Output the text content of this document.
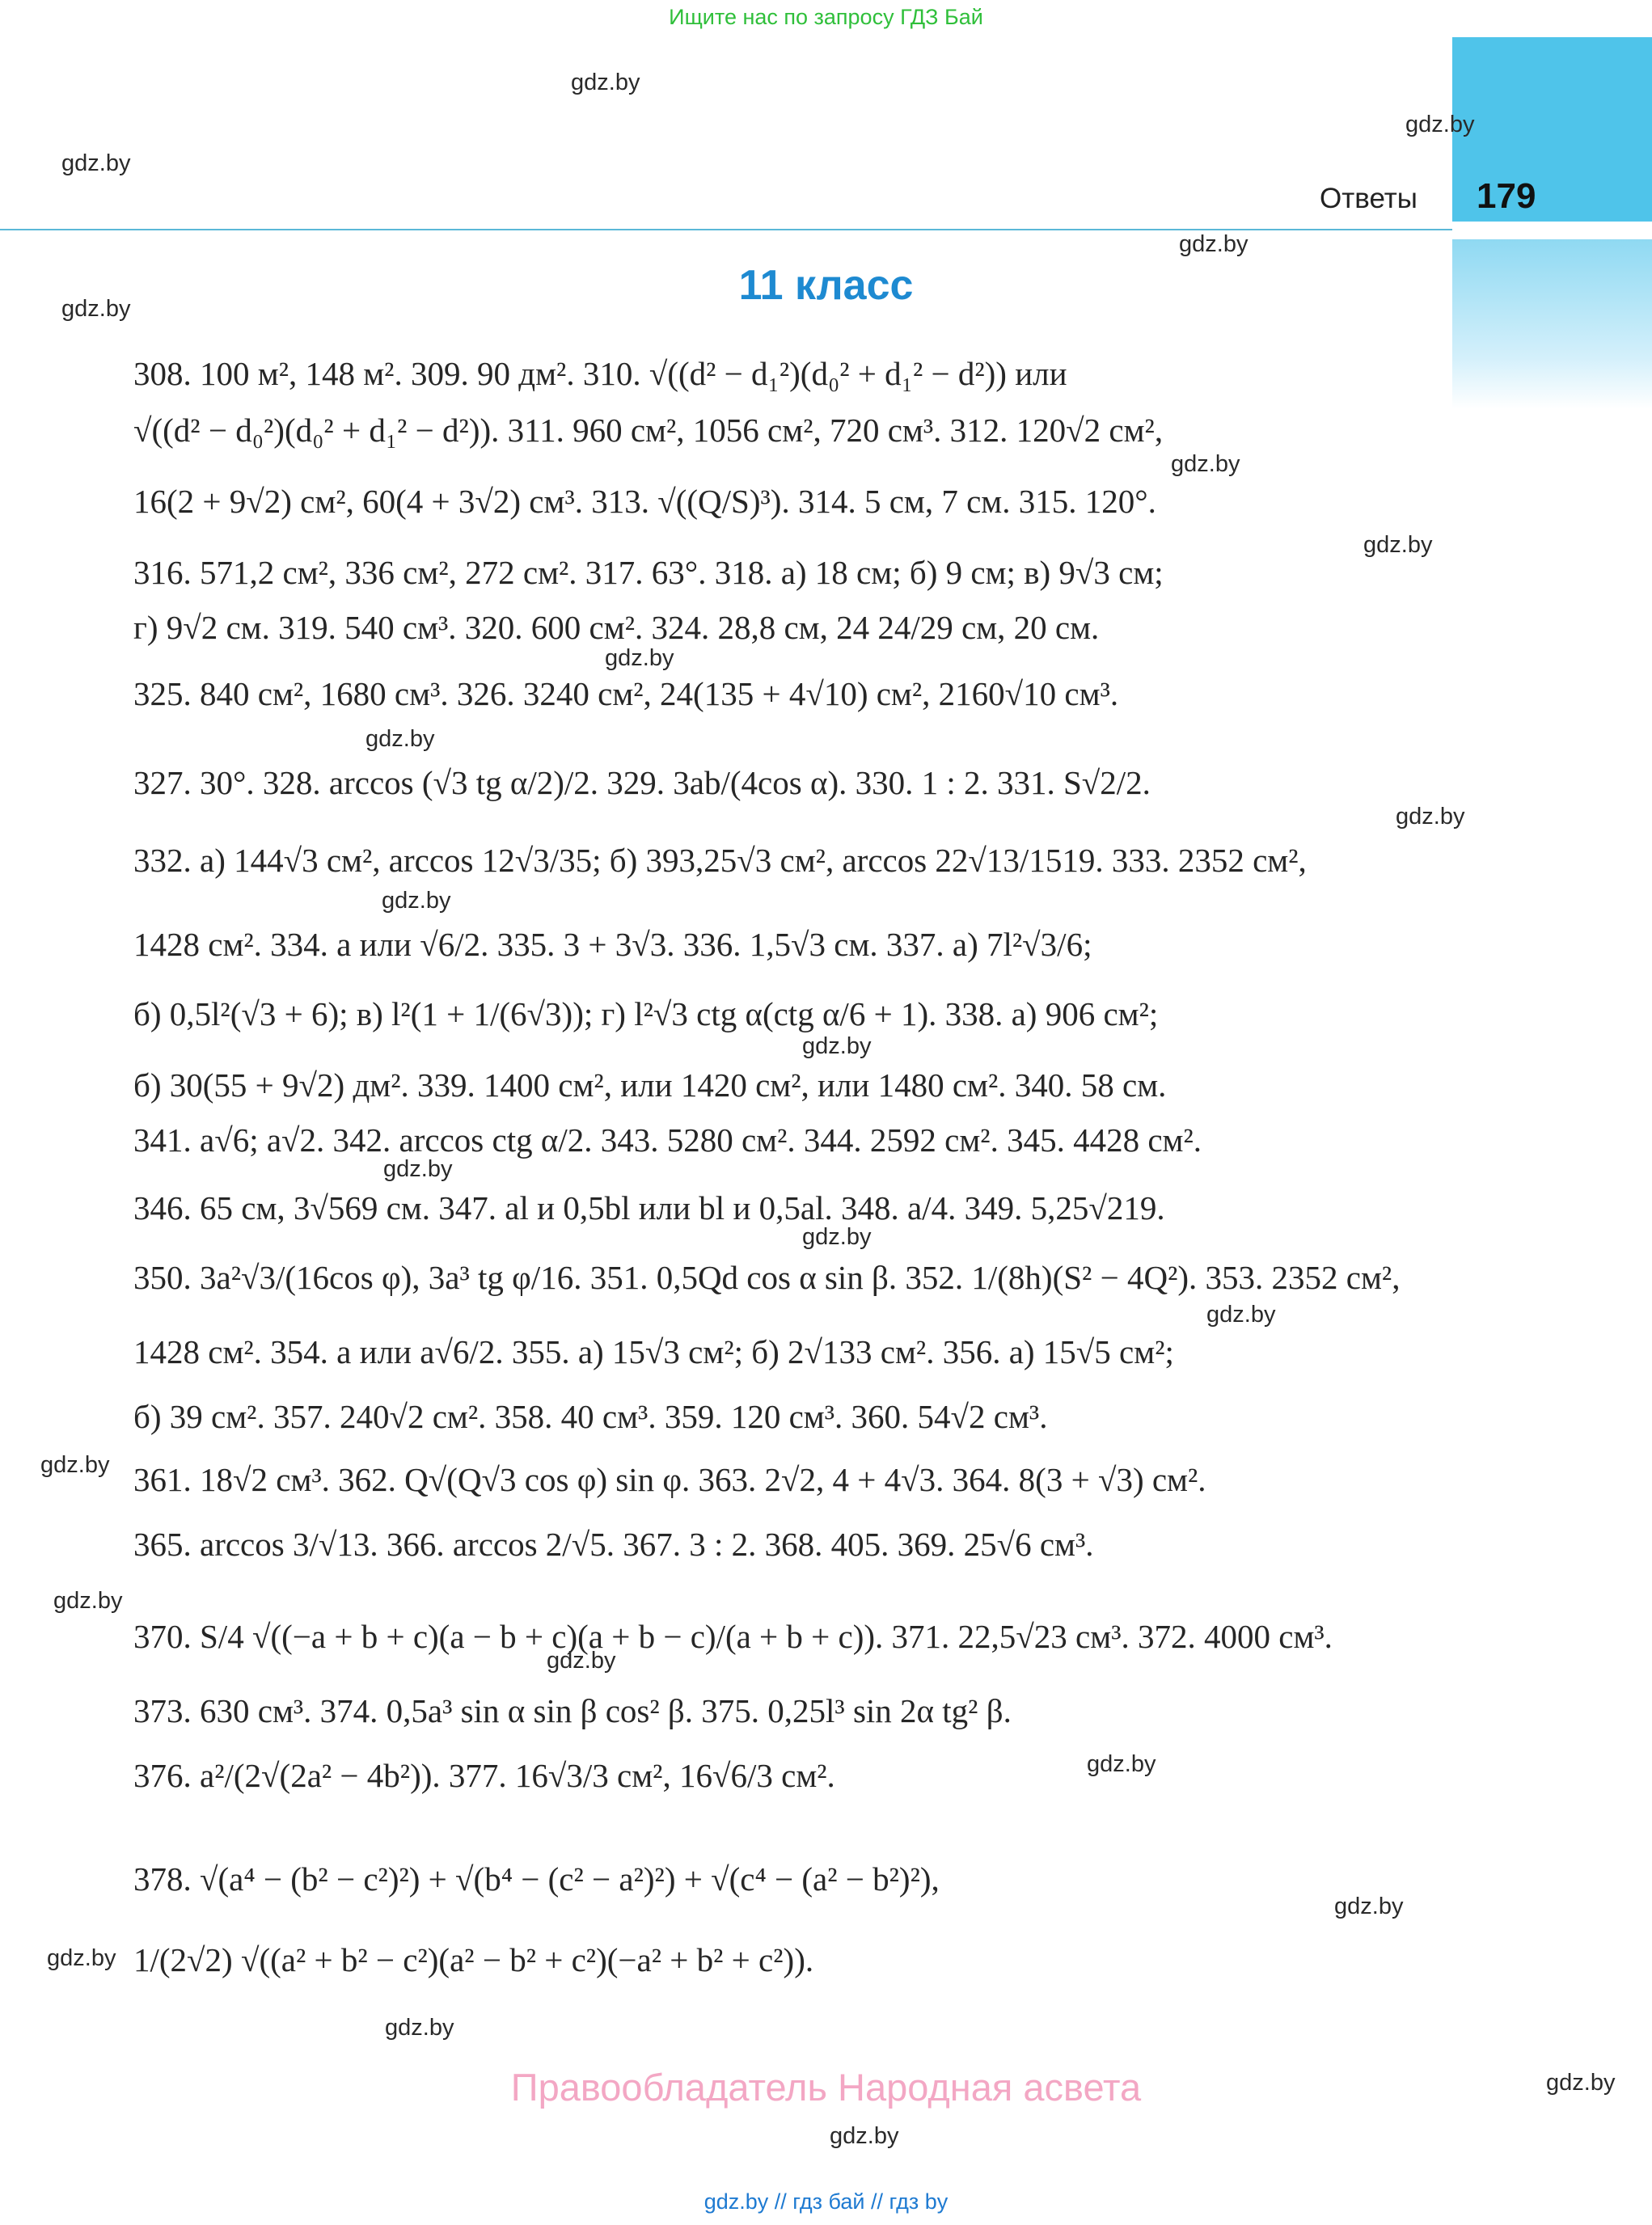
Ищите нас по запросу ГДЗ Бай
Ответы 179
11 класс
308. 100 м², 148 м². 309. 90 дм². 310. √((d² − d₁²)(d₀² + d₁² − d²)) или
√((d² − d₀²)(d₀² + d₁² − d²)). 311. 960 см², 1056 см², 720 см³. 312. 120√2 см²,
16(2 + 9√2) см², 60(4 + 3√2) см³. 313. √((Q/S)³). 314. 5 см, 7 см. 315. 120°.
316. 571,2 см², 336 см², 272 см². 317. 63°. 318. а) 18 см; б) 9 см; в) 9√3 см;
г) 9√2 см. 319. 540 см³. 320. 600 см². 324. 28,8 см, 24 24/29 см, 20 см.
325. 840 см², 1680 см³. 326. 3240 см², 24(135 + 4√10) см², 2160√10 см³.
327. 30°. 328. arccos (√3 tg α/2)/2. 329. 3ab/(4cos α). 330. 1 : 2. 331. S√2/2.
332. а) 144√3 см², arccos 12√3/35; б) 393,25√3 см², arccos 22√13/1519. 333. 2352 см²,
1428 см². 334. a или √6/2. 335. 3 + 3√3. 336. 1,5√3 см. 337. а) 7l²√3/6;
б) 0,5l²(√3 + 6); в) l²(1 + 1/(6√3)); г) l²√3 ctg α(ctg α/6 + 1). 338. а) 906 см²;
б) 30(55 + 9√2) дм². 339. 1400 см², или 1420 см², или 1480 см². 340. 58 см.
341. a√6; a√2. 342. arccos ctg α/2. 343. 5280 см². 344. 2592 см². 345. 4428 см².
346. 65 см, 3√569 см. 347. al и 0,5bl или bl и 0,5al. 348. a/4. 349. 5,25√219.
350. 3a²√3/(16cos φ), 3a³ tg φ/16. 351. 0,5Qd cos α sin β. 352. 1/(8h)(S² − 4Q²). 353. 2352 см²,
1428 см². 354. a или a√6/2. 355. а) 15√3 см²; б) 2√133 см². 356. а) 15√5 см²;
б) 39 см². 357. 240√2 см². 358. 40 см³. 359. 120 см³. 360. 54√2 см³.
361. 18√2 см³. 362. Q√(Q√3 cos φ) sin φ. 363. 2√2, 4 + 4√3. 364. 8(3 + √3) см².
365. arccos 3/√13. 366. arccos 2/√5. 367. 3 : 2. 368. 405. 369. 25√6 см³.
370. S/4 √((−a + b + c)(a − b + c)(a + b − c)/(a + b + c)). 371. 22,5√23 см³. 372. 4000 см³.
373. 630 см³. 374. 0,5a³ sin α sin β cos² β. 375. 0,25l³ sin 2α tg² β.
376. a²/(2√(2a² − 4b²)). 377. 16√3/3 см², 16√6/3 см².
378. √(a⁴ − (b² − c²)²) + √(b⁴ − (c² − a²)²) + √(c⁴ − (a² − b²)²),
1/(2√2) √((a² + b² − c²)(a² − b² + c²)(−a² + b² + c²)).
gdz.by
gdz.by
gdz.by
gdz.by
gdz.by
gdz.by
gdz.by
gdz.by
gdz.by
gdz.by
gdz.by
gdz.by
gdz.by
gdz.by
gdz.by
gdz.by
gdz.by
gdz.by
gdz.by
gdz.by
gdz.by
gdz.by
gdz.by
gdz.by
Правообладатель Народная асвета
gdz.by // гдз бай // гдз by
